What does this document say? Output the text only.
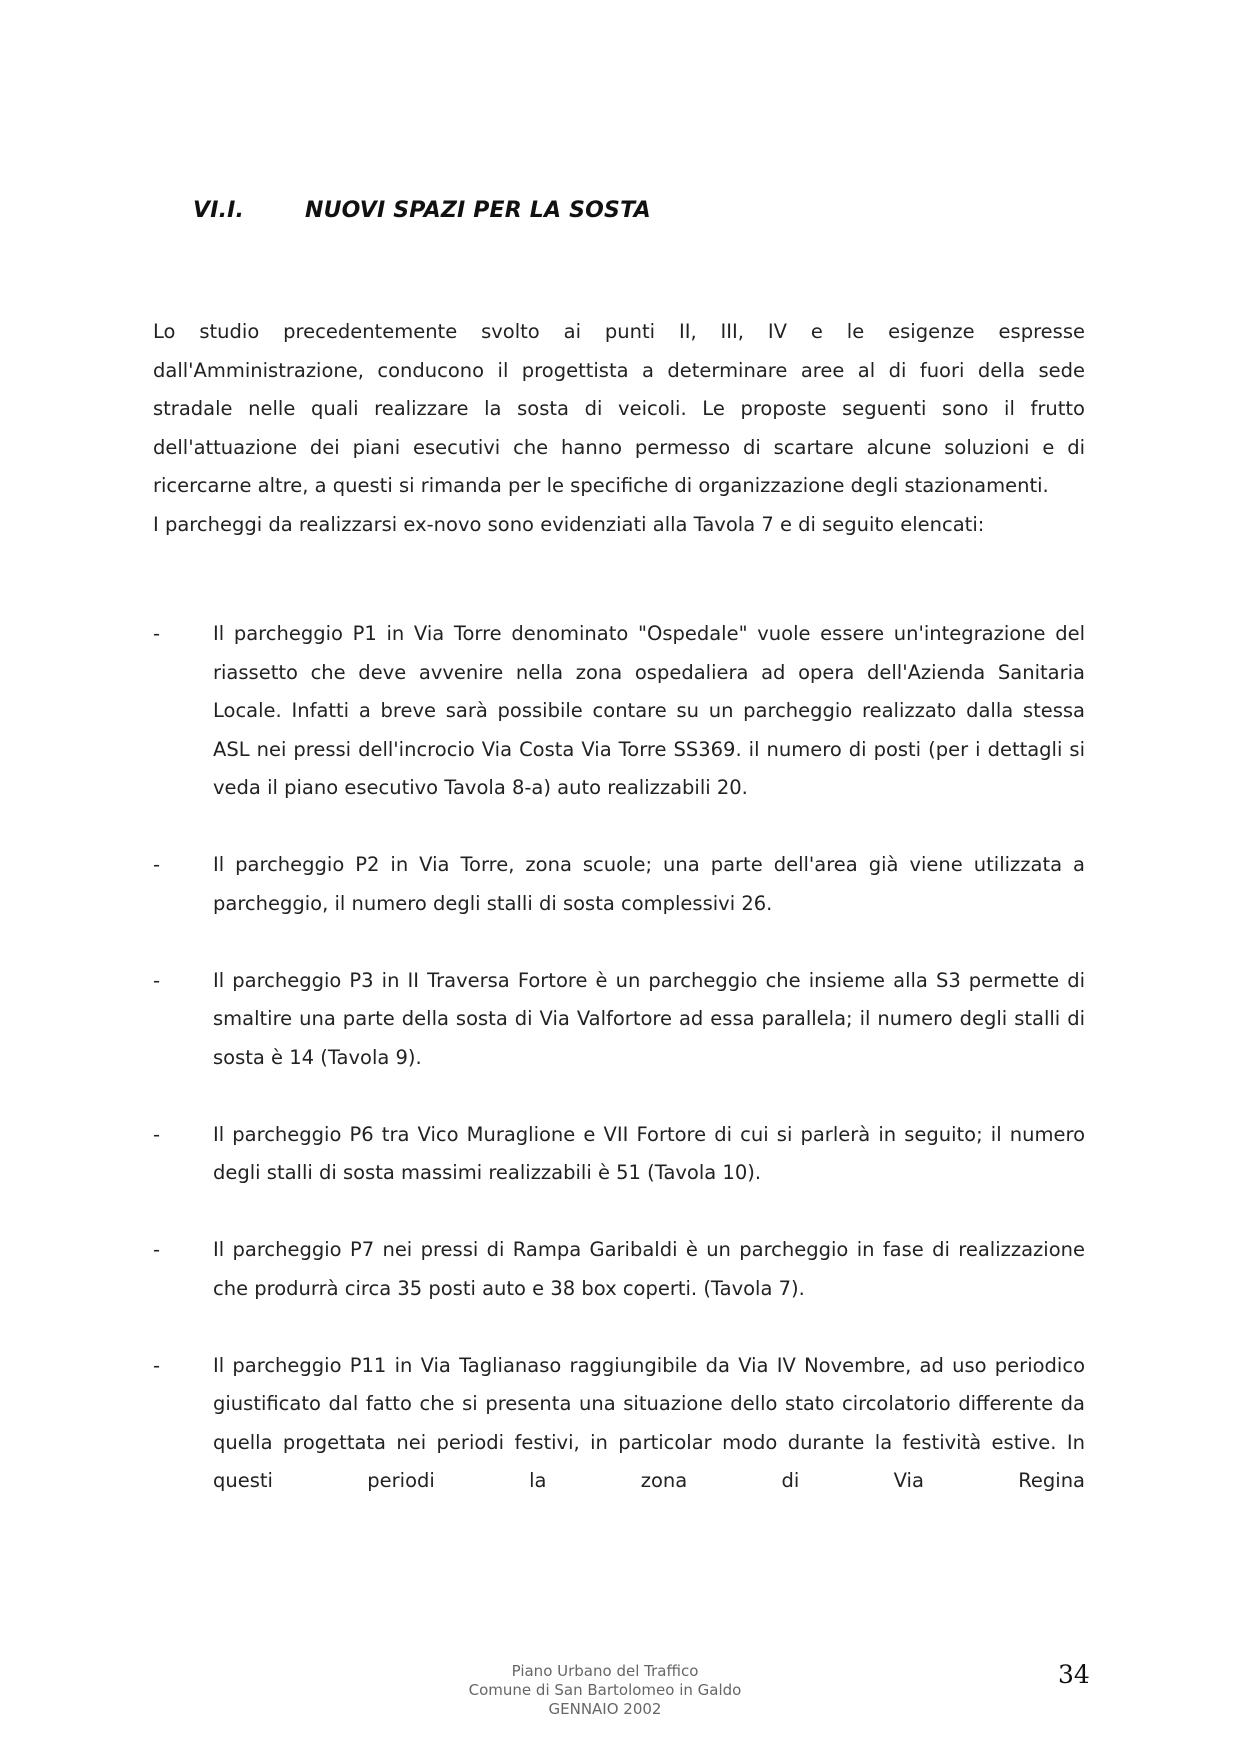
VI.I.	NUOVI SPAZI PER LA SOSTA

Lo studio precedentemente svolto ai punti II, III, IV e le esigenze espresse dall'Amministrazione, conducono il progettista a determinare aree al di fuori della sede stradale nelle quali realizzare la sosta di veicoli. Le proposte seguenti sono il frutto dell'attuazione dei piani esecutivi che hanno permesso di scartare alcune soluzioni e di ricercarne altre, a questi si rimanda per le specifiche di organizzazione degli stazionamenti.

I parcheggi da realizzarsi ex-novo sono evidenziati alla Tavola 7 e di seguito elencati:

-	Il parcheggio P1 in Via Torre denominato "Ospedale" vuole essere un'integrazione del riassetto che deve avvenire nella zona ospedaliera ad opera dell'Azienda Sanitaria Locale. Infatti a breve sarà possibile contare su un parcheggio realizzato dalla stessa ASL nei pressi dell'incrocio Via Costa Via Torre SS369. il numero di posti (per i dettagli si veda il piano esecutivo Tavola 8-a) auto realizzabili 20.
-	Il parcheggio P2 in Via Torre, zona scuole; una parte dell'area già viene utilizzata a parcheggio, il numero degli stalli di sosta complessivi 26.
-	Il parcheggio P3 in II Traversa Fortore è un parcheggio che insieme alla S3 permette di smaltire una parte della sosta di Via Valfortore ad essa parallela; il numero degli stalli di sosta è 14 (Tavola 9).
-	Il parcheggio P6 tra Vico Muraglione e VII Fortore di cui si parlerà in seguito; il numero degli stalli di sosta massimi realizzabili è 51 (Tavola 10).
-	Il parcheggio P7 nei pressi di Rampa Garibaldi è un parcheggio in fase di realizzazione che produrrà circa 35 posti auto e 38 box coperti. (Tavola 7).
-	Il parcheggio P11 in Via Taglianaso raggiungibile da Via IV Novembre, ad uso periodico giustificato dal fatto che si presenta una situazione dello stato circolatorio differente da quella progettata nei periodi festivi, in particolar modo durante la festività estive. In questi periodi la zona di Via Regina
Piano Urbano del Traffico
Comune di San Bartolomeo in Galdo
GENNAIO 2002
34
